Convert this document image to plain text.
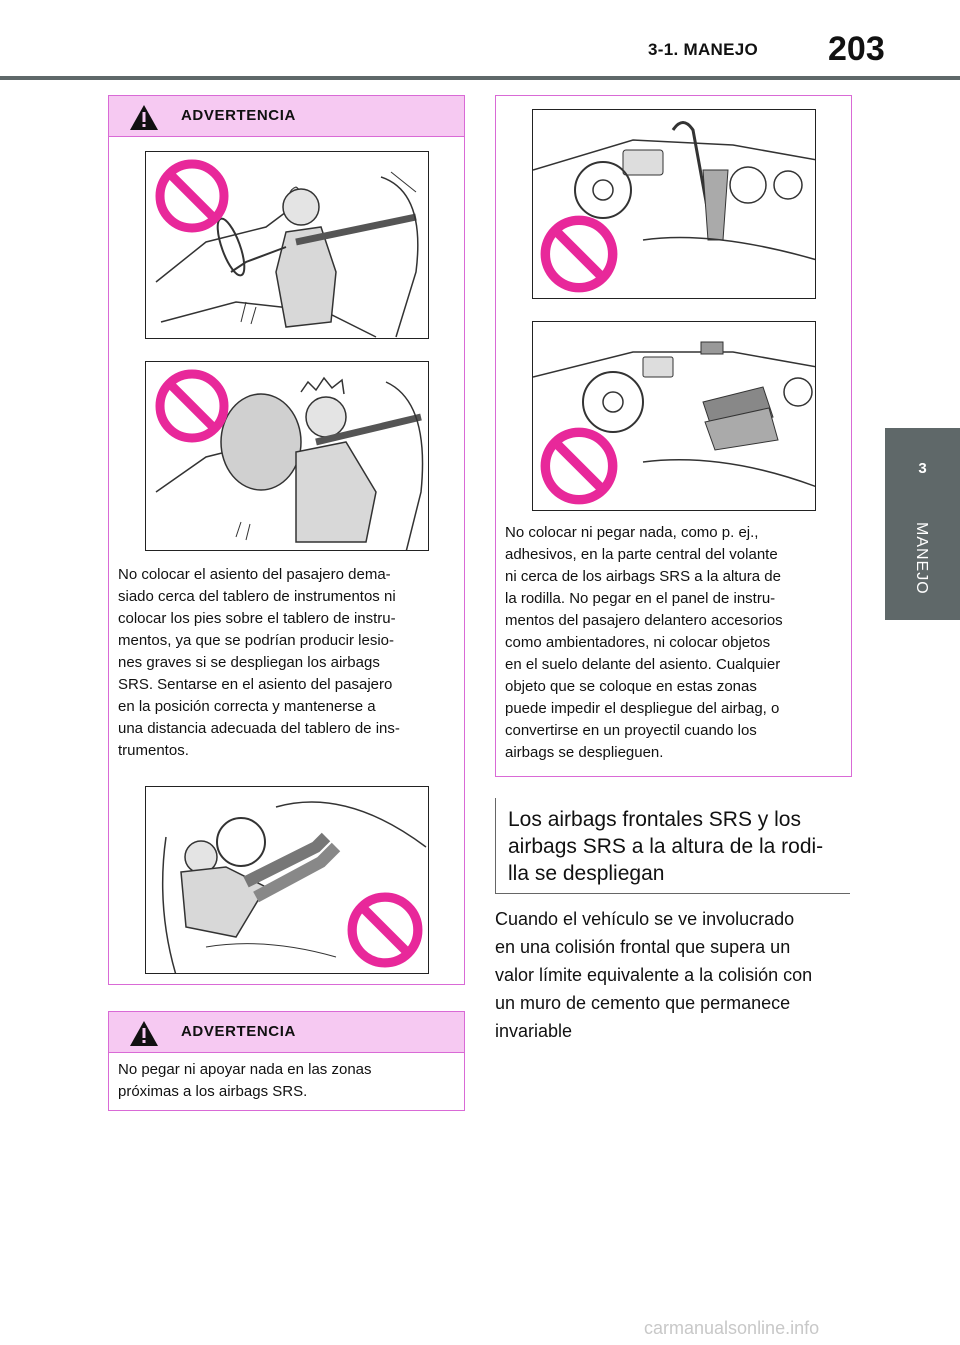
3-1. MANEJO 203
3
MANEJO
ADVERTENCIA
No colocar el asiento del pasajero dema-
siado cerca del tablero de instrumentos ni
colocar los pies sobre el tablero de instru-
mentos, ya que se podrían producir lesio-
nes graves si se despliegan los airbags
SRS. Sentarse en el asiento del pasajero
en la posición correcta y mantenerse a
una distancia adecuada del tablero de ins-
trumentos.
ADVERTENCIA
No pegar ni apoyar nada en las zonas
próximas a los airbags SRS.
No colocar ni pegar nada, como p. ej.,
adhesivos, en la parte central del volante
ni cerca de los airbags SRS a la altura de
la rodilla. No pegar en el panel de instru-
mentos del pasajero delantero accesorios
como ambientadores, ni colocar objetos
en el suelo delante del asiento. Cualquier
objeto que se coloque en estas zonas
puede impedir el despliegue del airbag, o
convertirse en un proyectil cuando los
airbags se desplieguen.
Los airbags frontales SRS y los
airbags SRS a la altura de la rodi-
lla se despliegan
Cuando el vehículo se ve involucrado
en una colisión frontal que supera un
valor límite equivalente a la colisión con
un muro de cemento que permanece
invariable
carmanualsonline.info
